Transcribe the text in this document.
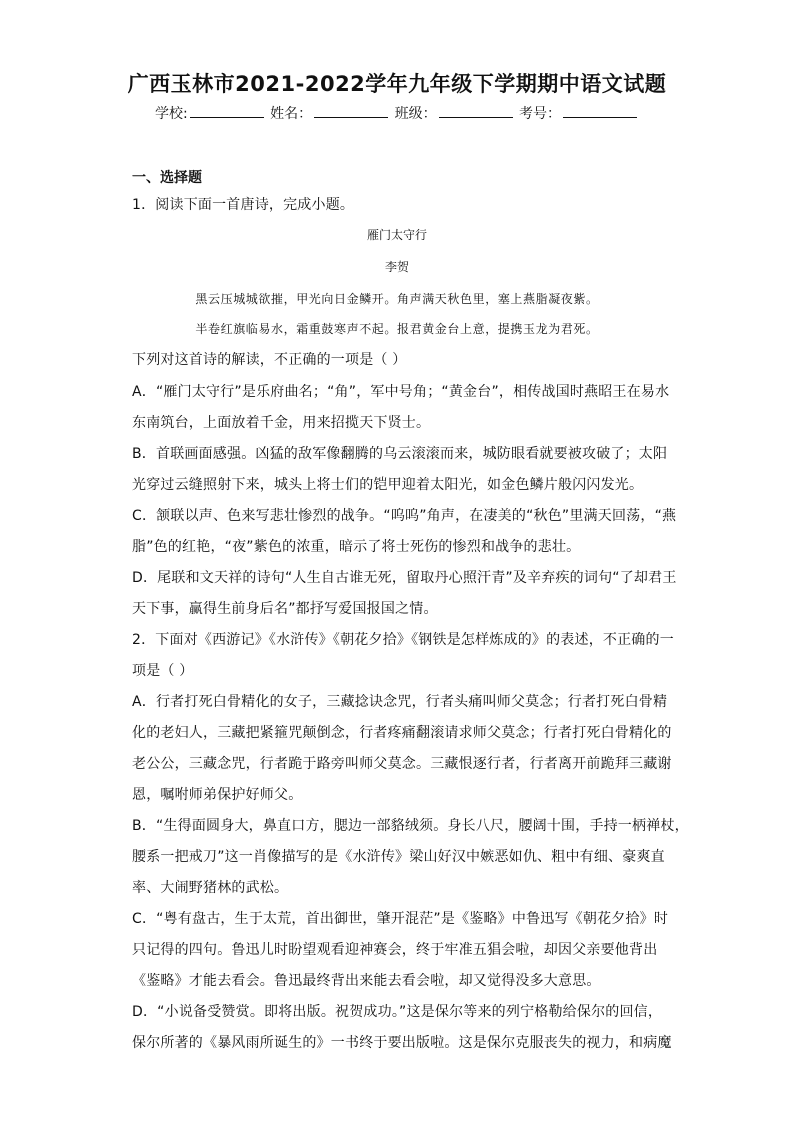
广西玉林市2021-2022学年九年级下学期期中语文试题
学校:	姓名：	班级：	考号：
一、选择题
1．阅读下面一首唐诗，完成小题。
雁门太守行
李贺
黑云压城城欲摧，甲光向日金鳞开。角声满天秋色里，塞上燕脂凝夜紫。
半卷红旗临易水，霜重鼓寒声不起。报君黄金台上意，提携玉龙为君死。
下列对这首诗的解读，不正确的一项是（ ）
A．“雁门太守行”是乐府曲名；“角”，军中号角；“黄金台”，相传战国时燕昭王在易水
东南筑台，上面放着千金，用来招揽天下贤士。
B．首联画面感强。凶猛的敌军像翻腾的乌云滚滚而来，城防眼看就要被攻破了；太阳
光穿过云缝照射下来，城头上将士们的铠甲迎着太阳光，如金色鳞片般闪闪发光。
C．颔联以声、色来写悲壮惨烈的战争。“呜呜”角声，在凄美的“秋色”里满天回荡，“燕
脂”色的红艳，“夜”紫色的浓重，暗示了将士死伤的惨烈和战争的悲壮。
D．尾联和文天祥的诗句“人生自古谁无死，留取丹心照汗青”及辛弃疾的词句“了却君王
天下事，赢得生前身后名”都抒写爱国报国之情。
2．下面对《西游记》《水浒传》《朝花夕拾》《钢铁是怎样炼成的》的表述，不正确的一
项是（ ）
A．行者打死白骨精化的女子，三藏捻诀念咒，行者头痛叫师父莫念；行者打死白骨精
化的老妇人，三藏把紧箍咒颠倒念，行者疼痛翻滚请求师父莫念；行者打死白骨精化的
老公公，三藏念咒，行者跪于路旁叫师父莫念。三藏恨逐行者，行者离开前跪拜三藏谢
恩，嘱咐师弟保护好师父。
B．“生得面圆身大，鼻直口方，腮边一部貉绒须。身长八尺，腰阔十围，手持一柄禅杖，
腰系一把戒刀”这一肖像描写的是《水浒传》梁山好汉中嫉恶如仇、粗中有细、豪爽直
率、大闹野猪林的武松。
C．“粤有盘古，生于太荒，首出御世，肇开混茫”是《鉴略》中鲁迅写《朝花夕拾》时
只记得的四句。鲁迅儿时盼望观看迎神赛会，终于牢准五猖会啦，却因父亲要他背出
《鉴略》才能去看会。鲁迅最终背出来能去看会啦，却又觉得没多大意思。
D．“小说备受赞赏。即将出版。祝贺成功。”这是保尔等来的列宁格勒给保尔的回信，
保尔所著的《暴风雨所诞生的》一书终于要出版啦。这是保尔克服丧失的视力，和病魔
